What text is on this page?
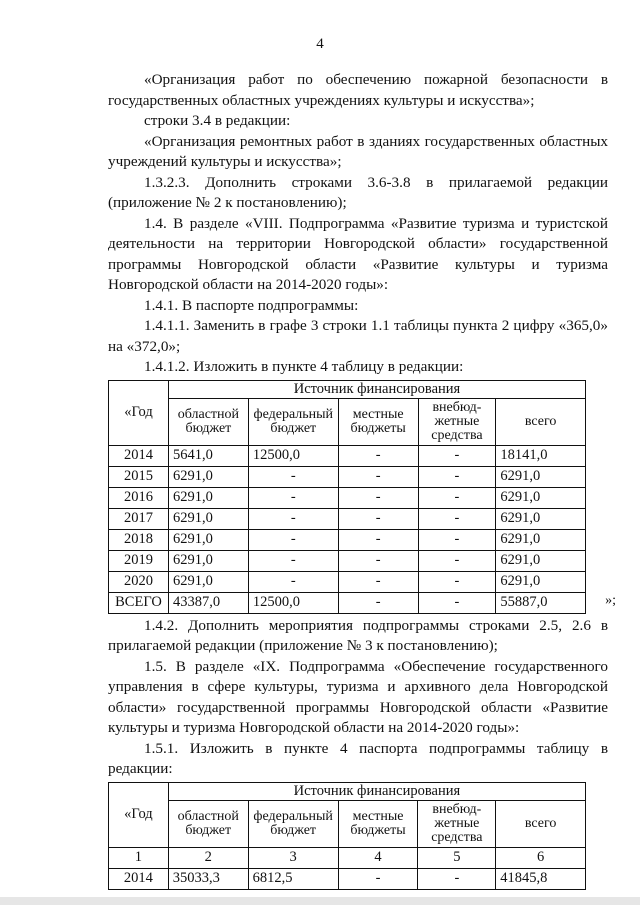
4

«Организация работ по обеспечению пожарной безопасности в государственных областных учреждениях культуры и искусства»;

строки 3.4 в редакции:

«Организация ремонтных работ в зданиях государственных областных учреждений культуры и искусства»;

1.3.2.3. Дополнить строками 3.6-3.8 в прилагаемой редакции (приложение № 2 к постановлению);

1.4. В разделе «VIII. Подпрограмма «Развитие туризма и туристской деятельности на территории Новгородской области» государственной программы Новгородской области «Развитие культуры и туризма Новгородской области на 2014-2020 годы»:

1.4.1. В паспорте подпрограммы:

1.4.1.1. Заменить в графе 3 строки 1.1 таблицы пункта 2 цифру «365,0» на «372,0»;

1.4.1.2. Изложить в пункте 4 таблицу в редакции:

«Год	Источник финансирования				
	областной бюджет	федеральный бюджет	местные бюджеты	внебюд-жетные средства	всего
2014	5641,0	12500,0	-	-	18141,0
2015	6291,0	-	-	-	6291,0
2016	6291,0	-	-	-	6291,0
2017	6291,0	-	-	-	6291,0
2018	6291,0	-	-	-	6291,0
2019	6291,0	-	-	-	6291,0
2020	6291,0	-	-	-	6291,0
ВСЕГО	43387,0	12500,0	-	-	55887,0	»;

1.4.2. Дополнить мероприятия подпрограммы строками 2.5, 2.6 в прилагаемой редакции (приложение № 3 к постановлению);

1.5. В разделе «IX. Подпрограмма «Обеспечение государственного управления в сфере культуры, туризма и архивного дела Новгородской области» государственной программы Новгородской области «Развитие культуры и туризма Новгородской области на 2014-2020 годы»:

1.5.1. Изложить в пункте 4 паспорта подпрограммы таблицу в редакции:

«Год	Источник финансирования				
	областной бюджет	федеральный бюджет	местные бюджеты	внебюд-жетные средства	всего
1	2	3	4	5	6
2014	35033,3	6812,5	-	-	41845,8
